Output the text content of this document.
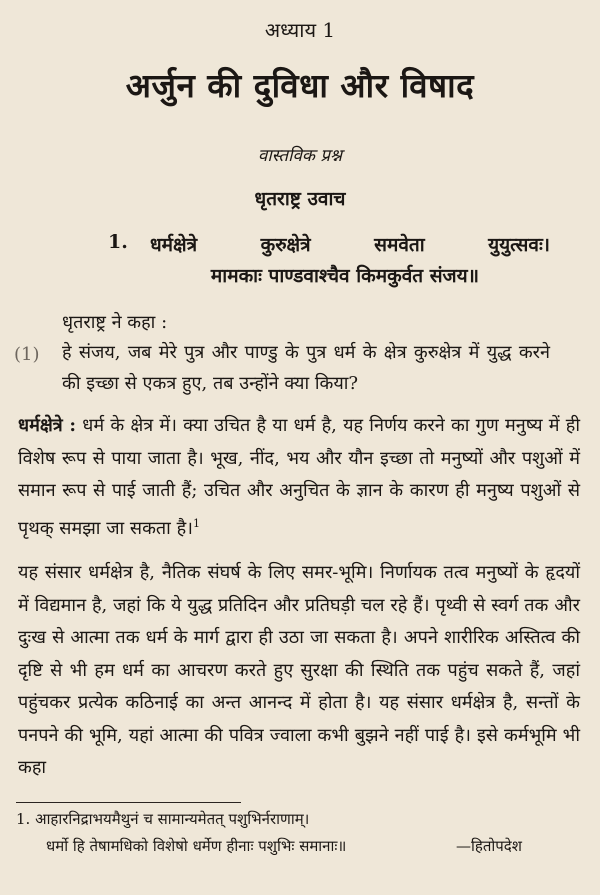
अध्याय 1
अर्जुन की दुविधा और विषाद
वास्तविक प्रश्न
धृतराष्ट्र उवाच
1. धर्मक्षेत्रे कुरुक्षेत्रे समवेता युयुत्सवः।
मामकाः पाण्डवाश्चैव किमकुर्वत संजय॥
धृतराष्ट्र ने कहा :
(1) हे संजय, जब मेरे पुत्र और पाण्डु के पुत्र धर्म के क्षेत्र कुरुक्षेत्र में युद्ध करने की इच्छा से एकत्र हुए, तब उन्होंने क्या किया?
धर्मक्षेत्रे : धर्म के क्षेत्र में। क्या उचित है या धर्म है, यह निर्णय करने का गुण मनुष्य में ही विशेष रूप से पाया जाता है। भूख, नींद, भय और यौन इच्छा तो मनुष्यों और पशुओं में समान रूप से पाई जाती हैं; उचित और अनुचित के ज्ञान के कारण ही मनुष्य पशुओं से पृथक् समझा जा सकता है।$^1$
यह संसार धर्मक्षेत्र है, नैतिक संघर्ष के लिए समर-भूमि। निर्णायक तत्व मनुष्यों के हृदयों में विद्यमान है, जहां कि ये युद्ध प्रतिदिन और प्रतिघड़ी चल रहे हैं। पृथ्वी से स्वर्ग तक और दुःख से आत्मा तक धर्म के मार्ग द्वारा ही उठा जा सकता है। अपने शारीरिक अस्तित्व की दृष्टि से भी हम धर्म का आचरण करते हुए सुरक्षा की स्थिति तक पहुंच सकते हैं, जहां पहुंचकर प्रत्येक कठिनाई का अन्त आनन्द में होता है। यह संसार धर्मक्षेत्र है, सन्तों के पनपने की भूमि, यहां आत्मा की पवित्र ज्वाला कभी बुझने नहीं पाई है। इसे कर्मभूमि भी कहा
1. आहारनिद्राभयमैथुनं च सामान्यमेतत् पशुभिर्नराणाम्।
धर्मो हि तेषामधिको विशेषो धर्मेण हीनाः पशुभिः समानाः॥	—हितोपदेश
